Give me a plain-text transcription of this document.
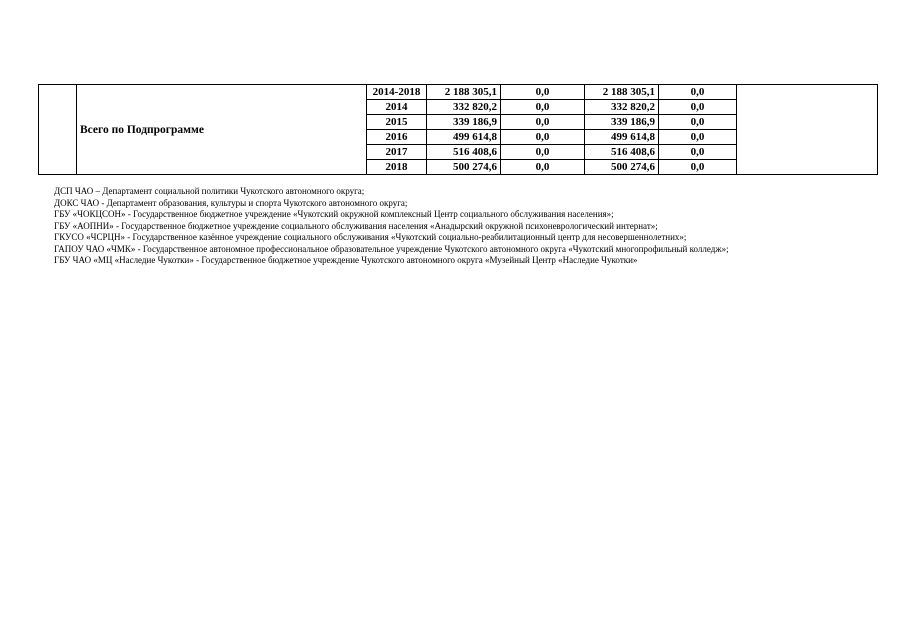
	Всего по Подпрограмме	2014-2018	2 188 305,1	0,0	2 188 305,1	0,0	
		2014	332 820,2	0,0	332 820,2	0,0	
		2015	339 186,9	0,0	339 186,9	0,0	
		2016	499 614,8	0,0	499 614,8	0,0	
		2017	516 408,6	0,0	516 408,6	0,0	
		2018	500 274,6	0,0	500 274,6	0,0	
ДСП ЧАО – Департамент социальной политики Чукотского автономного округа;
ДОКС ЧАО - Департамент образования, культуры и спорта Чукотского автономного округа;
ГБУ «ЧОКЦСОН» - Государственное бюджетное учреждение «Чукотский окружной комплексный Центр социального обслуживания населения»;
ГБУ «АОПНИ» - Государственное бюджетное учреждение социального обслуживания населения «Анадырский окружной психоневрологический интернат»;
ГКУСО «ЧСРЦН» - Государственное казённое учреждение социального обслуживания «Чукотский социально-реабилитационный центр для несовершеннолетних»;
ГАПОУ ЧАО «ЧМК» - Государственное автономное профессиональное образовательное учреждение Чукотского автономного округа «Чукотский многопрофильный колледж»;
ГБУ ЧАО «МЦ «Наследие Чукотки» - Государственное бюджетное учреждение Чукотского автономного округа «Музейный Центр «Наследие Чукотки»
